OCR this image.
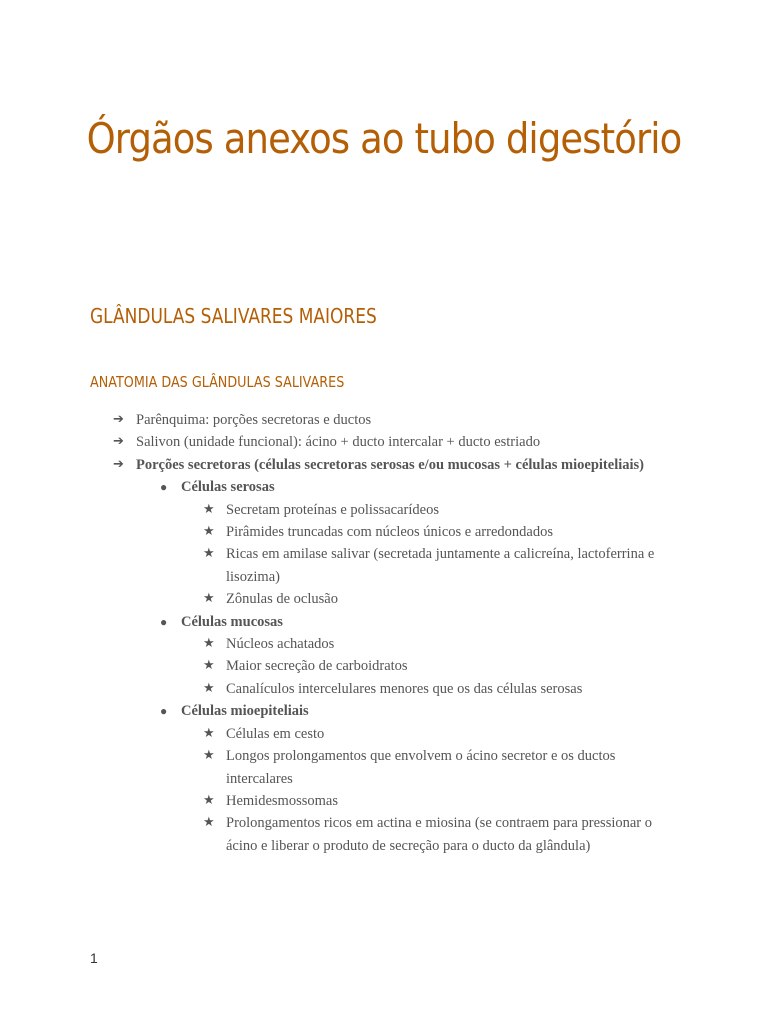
Órgãos anexos ao tubo digestório
GLÂNDULAS SALIVARES MAIORES
ANATOMIA DAS GLÂNDULAS SALIVARES
➔ Parênquima: porções secretoras e ductos
➔ Salivon (unidade funcional): ácino + ducto intercalar + ducto estriado
➔ Porções secretoras (células secretoras serosas e/ou mucosas + células mioepiteliais)
● Células serosas
★ Secretam proteínas e polissacarídeos
★ Pirâmides truncadas com núcleos únicos e arredondados
★ Ricas em amilase salivar (secretada juntamente a calicreína, lactoferrina e lisozima)
★ Zônulas de oclusão
● Células mucosas
★ Núcleos achatados
★ Maior secreção de carboidratos
★ Canalículos intercelulares menores que os das células serosas
● Células mioepiteliais
★ Células em cesto
★ Longos prolongamentos que envolvem o ácino secretor e os ductos intercalares
★ Hemidesmossomas
★ Prolongamentos ricos em actina e miosina (se contraem para pressionar o ácino e liberar o produto de secreção para o ducto da glândula)
1
